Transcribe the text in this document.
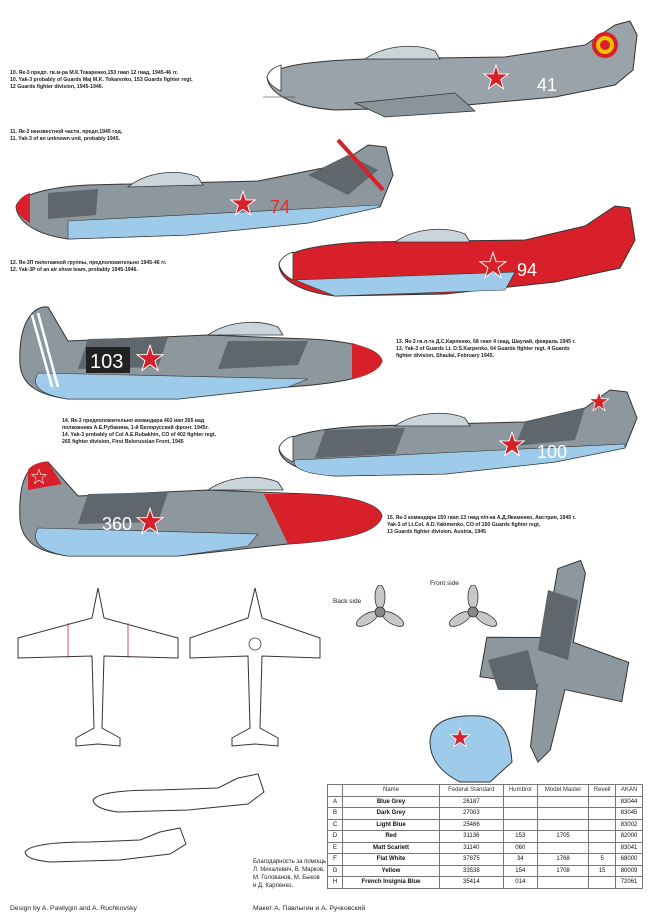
10. Як-3 предп. гв.м-ра М.К.Токаренко,153 гиап 12 гиад, 1945-46 гг.
10. Yak-3 probably of Guards Maj M.K. Tokarenko, 153 Guards fighter regt,
12 Guards fighter division, 1945-1946.
11. Як-3 неизвестной части, предп.1945 год.
11. Yak-3 of an unknown unit, probably 1945.
12. Як-3П пилотажной группы, предположительно 1945-46 гг.
12. Yak-3P of an air show team, probably 1945-1946.
13. Як-3 гв.л-та Д.С.Карпенко, 68 гиап 4 гиад, Шаулай, февраль 1945 г.
13. Yak-3 of Guards Lt. D.S.Karpenko, 64 Guards fighter regt, 4 Guards
fighter division, Shaulai, February 1945.
14. Як-3 предположительно командира 402 иап 265 иад
полковника А.Е.Рубакина, 1-й Белорусский фронт, 1945г.
14. Yak-3 probably of Col A.E.Rubakhin, CO of 402 fighter regt,
265 fighter division, First Belorussian Front, 1945
15. Як-3 командира 150 гиап 13 гиад п/п-ка А.Д.Якименко, Австрия, 1945 г.
Yak-3 of Lt.Col. A.D.Yakimenko, CO of 150 Guards fighter regt,
13 Guards fighter division, Austria, 1945
41
74
94
103
100
360
Back side
Front side
	Name	Federal Standard	Humbrol	Model Master	Revell	AKAN
A	Blue Grey	26187				83044
B	Dark Grey	27003				83045
C	Light Blue	25466				83002
D	Red	31136	153	1705		82000
E	Matt Scarlett	31140	060			83041
F	Flat White	37875	34	1768	5	68000
G	Yellow	33538	154	1708	15	80009
H	French Insignia Blue	35414	014			72061
Благодарность за помощь
Л. Михалевич, В. Марков,
М. Голованов, М. Быков
и Д. Карпенко.
Design by A. Pawlygin and A. Ruchkovsky	Макет А. Павлыгин и А. Ручковский
